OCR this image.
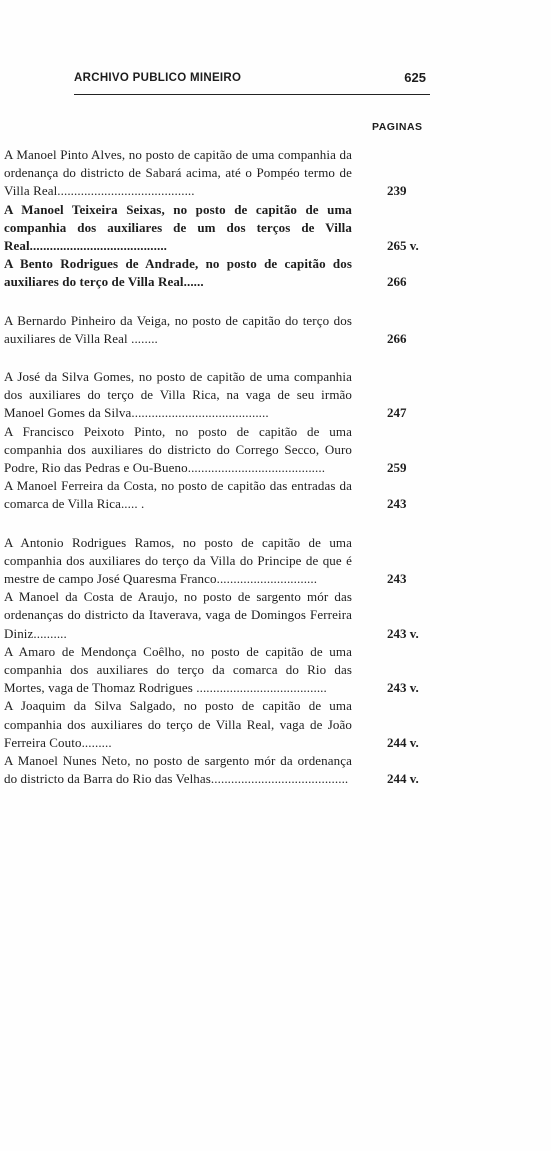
ARCHIVO PUBLICO MINEIRO	625
PAGINAS
A Manoel Pinto Alves, no posto de capitão de uma companhia da ordenança do districto de Sabará acima, até o Pompéo termo de Villa Real.........................................	239
A Manoel Teixeira Seixas, no posto de capitão de uma companhia dos auxiliares de um dos terços de Villa Real.........................................	265 v.
A Bento Rodrigues de Andrade, no posto de capitão dos auxiliares do terço de Villa Real......	266
A Bernardo Pinheiro da Veiga, no posto de capitão do terço dos auxiliares de Villa Real ........	266
A José da Silva Gomes, no posto de capitão de uma companhia dos auxiliares do terço de Villa Rica, na vaga de seu irmão Manoel Gomes da Silva.........................................	247
A Francisco Peixoto Pinto, no posto de capitão de uma companhia dos auxiliares do districto do Corrego Secco, Ouro Podre, Rio das Pedras e Ou-Bueno.........................................	259
A Manoel Ferreira da Costa, no posto de capitão das entradas da comarca de Villa Rica..... .	243
A Antonio Rodrigues Ramos, no posto de capitão de uma companhia dos auxiliares do terço da Villa do Principe de que é mestre de campo José Quaresma Franco..............................	243
A Manoel da Costa de Araujo, no posto de sargento mór das ordenanças do districto da Itaverava, vaga de Domingos Ferreira Diniz..........	243 v.
A Amaro de Mendonça Coêlho, no posto de capitão de uma companhia dos auxiliares do terço da comarca do Rio das Mortes, vaga de Thomaz Rodrigues .......................................	243 v.
A Joaquim da Silva Salgado, no posto de capitão de uma companhia dos auxiliares do terço de Villa Real, vaga de João Ferreira Couto.........	244 v.
A Manoel Nunes Neto, no posto de sargento mór da ordenança do districto da Barra do Rio das Velhas.........................................	244 v.
